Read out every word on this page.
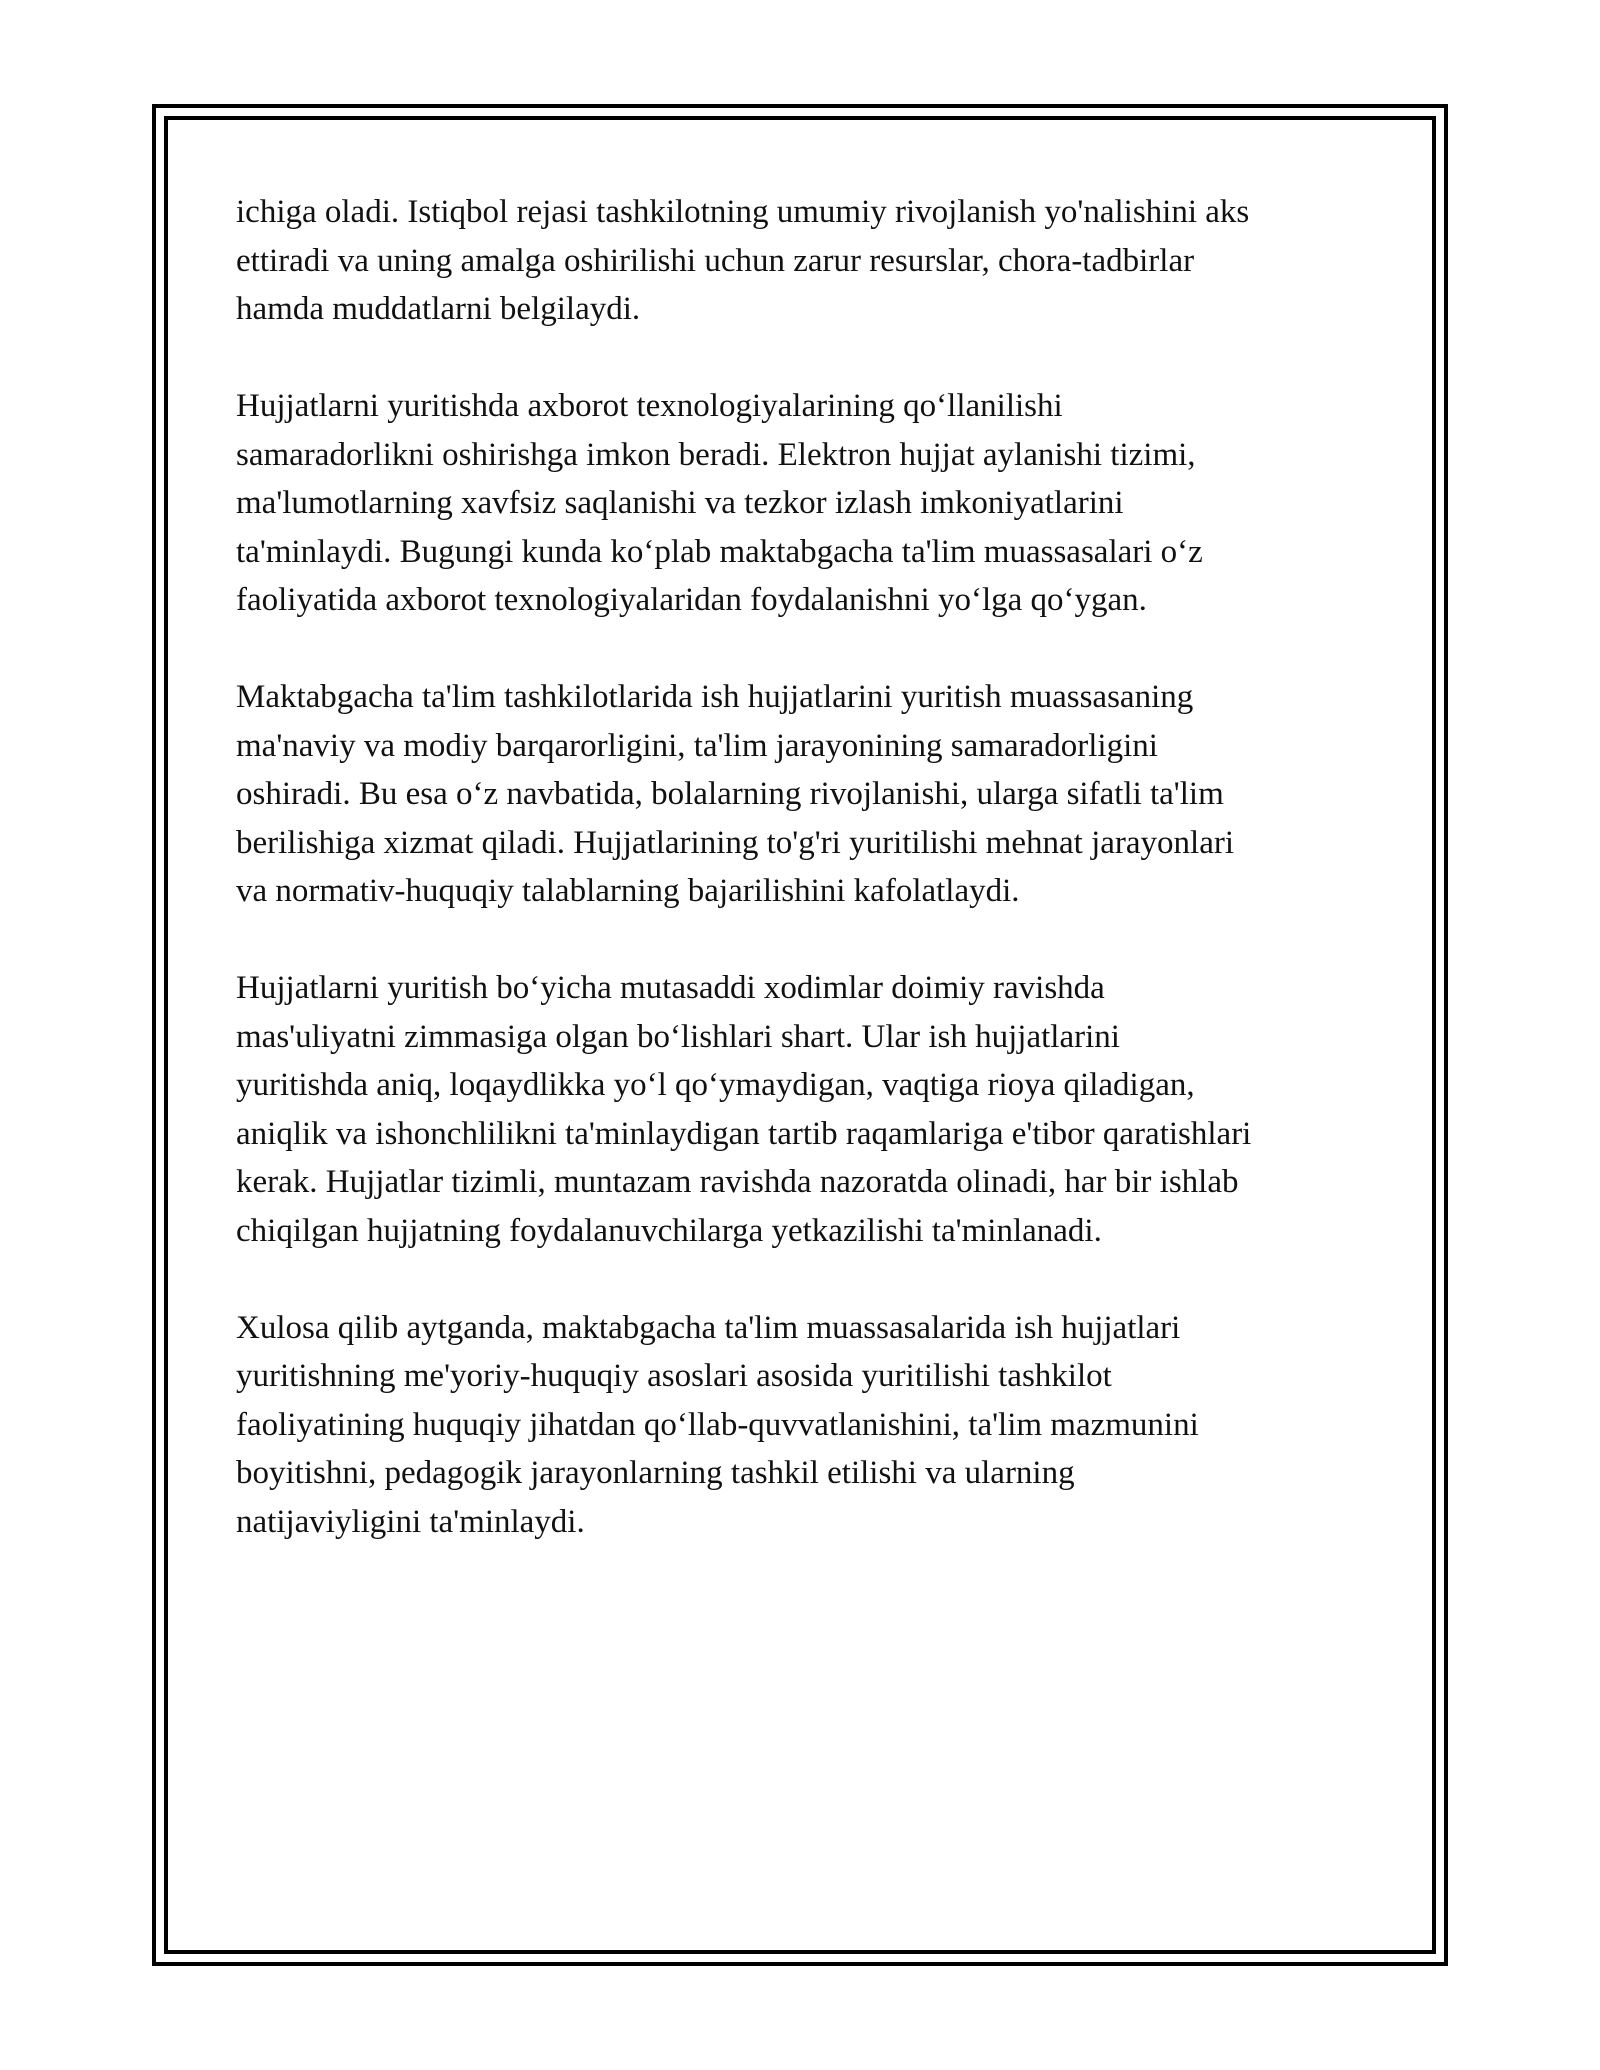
ichiga oladi. Istiqbol rejasi tashkilotning umumiy rivojlanish yo'nalishini aks
ettiradi va uning amalga oshirilishi uchun zarur resurslar, chora-tadbirlar
hamda muddatlarni belgilaydi.

Hujjatlarni yuritishda axborot texnologiyalarining qo‘llanilishi
samaradorlikni oshirishga imkon beradi. Elektron hujjat aylanishi tizimi,
ma'lumotlarning xavfsiz saqlanishi va tezkor izlash imkoniyatlarini
ta'minlaydi. Bugungi kunda ko‘plab maktabgacha ta'lim muassasalari o‘z
faoliyatida axborot texnologiyalaridan foydalanishni yo‘lga qo‘ygan.

Maktabgacha ta'lim tashkilotlarida ish hujjatlarini yuritish muassasaning
ma'naviy va modiy barqarorligini, ta'lim jarayonining samaradorligini
oshiradi. Bu esa o‘z navbatida, bolalarning rivojlanishi, ularga sifatli ta'lim
berilishiga xizmat qiladi. Hujjatlarining to'g'ri yuritilishi mehnat jarayonlari
va normativ-huquqiy talablarning bajarilishini kafolatlaydi.

Hujjatlarni yuritish bo‘yicha mutasaddi xodimlar doimiy ravishda
mas'uliyatni zimmasiga olgan bo‘lishlari shart. Ular ish hujjatlarini
yuritishda aniq, loqaydlikka yo‘l qo‘ymaydigan, vaqtiga rioya qiladigan,
aniqlik va ishonchlilikni ta'minlaydigan tartib raqamlariga e'tibor qaratishlari
kerak. Hujjatlar tizimli, muntazam ravishda nazoratda olinadi, har bir ishlab
chiqilgan hujjatning foydalanuvchilarga yetkazilishi ta'minlanadi.

Xulosa qilib aytganda, maktabgacha ta'lim muassasalarida ish hujjatlari
yuritishning me'yoriy-huquqiy asoslari asosida yuritilishi tashkilot
faoliyatining huquqiy jihatdan qo‘llab-quvvatlanishini, ta'lim mazmunini
boyitishni, pedagogik jarayonlarning tashkil etilishi va ularning
natijaviyligini ta'minlaydi.
